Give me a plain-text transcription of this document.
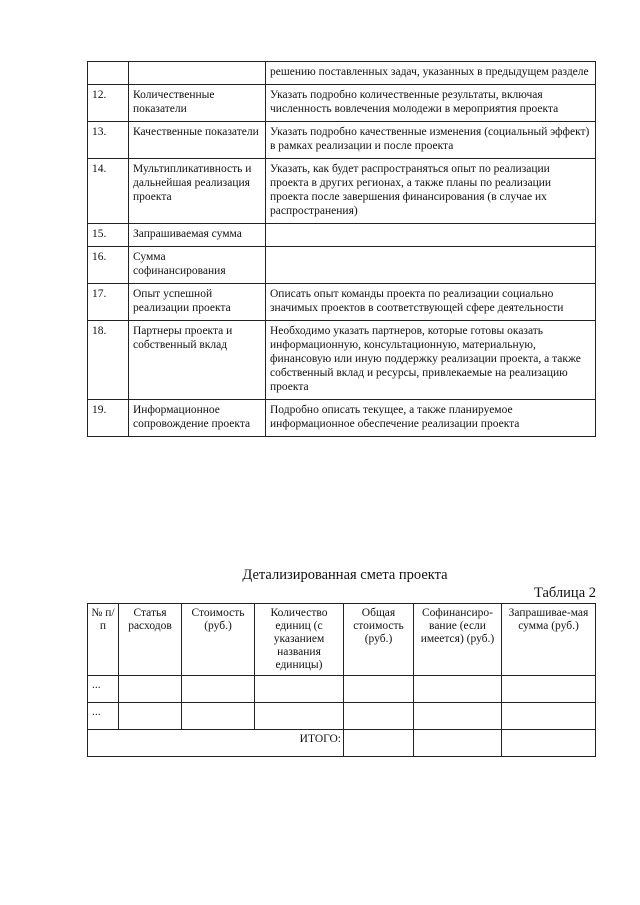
		решению поставленных задач, указанных в предыдущем разделе
12.	Количественные показатели	Указать подробно количественные результаты, включая численность вовлечения молодежи в мероприятия проекта
13.	Качественные показатели	Указать подробно качественные изменения (социальный эффект) в рамках реализации и после проекта
14.	Мультипликативность и дальнейшая реализация проекта	Указать, как будет распространяться опыт по реализации проекта в других регионах, а также планы по реализации проекта после завершения финансирования (в случае их распространения)
15.	Запрашиваемая сумма	
16.	Сумма софинансирования	
17.	Опыт успешной реализации проекта	Описать опыт команды проекта по реализации социально значимых проектов в соответствующей сфере деятельности
18.	Партнеры проекта и собственный вклад	Необходимо указать партнеров, которые готовы оказать информационную, консультационную, материальную, финансовую или иную поддержку реализации проекта, а также собственный вклад и ресурсы, привлекаемые на реализацию проекта
19.	Информационное сопровождение проекта	Подробно описать текущее, а также планируемое информационное обеспечение реализации проекта
Детализированная смета проекта
Таблица 2
№ п/п	Статья расходов	Стоимость (руб.)	Количество единиц (с указанием названия единицы)	Общая стоимость (руб.)	Софинансиро-вание (если имеется) (руб.)	Запрашивае-мая сумма (руб.)
...						
...						
ИТОГО:						
